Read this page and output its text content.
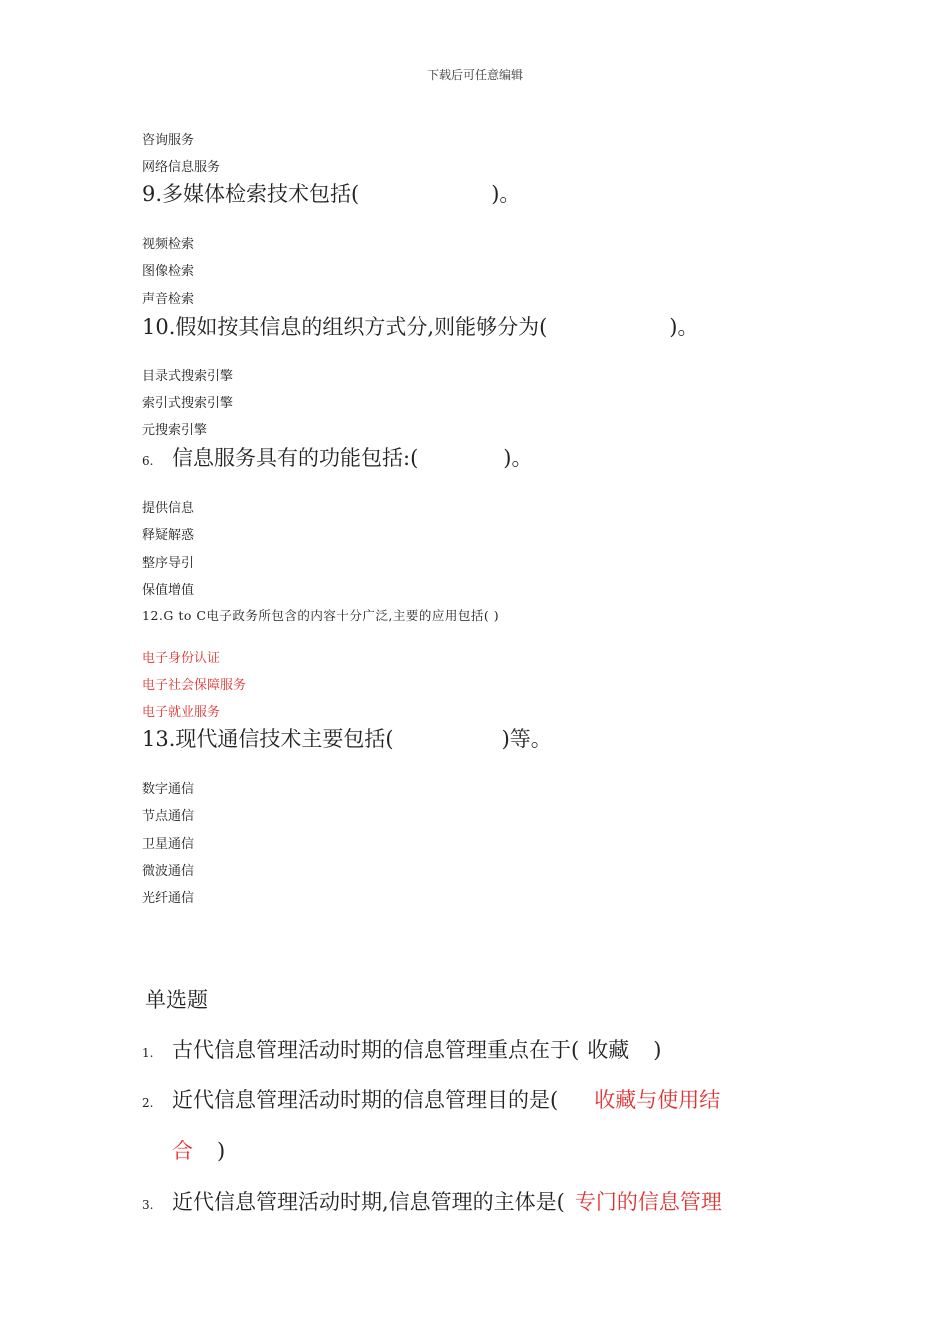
下载后可任意编辑
咨询服务
网络信息服务
9.多媒体检索技术包括(	)。
视频检索
图像检索
声音检索
10.假如按其信息的组织方式分,则能够分为(	)。
目录式搜索引擎
索引式搜索引擎
元搜索引擎
6. 信息服务具有的功能包括:(	)。
提供信息
释疑解惑
整序导引
保值增值
12.G to C电子政务所包含的内容十分广泛,主要的应用包括( )
电子身份认证
电子社会保障服务
电子就业服务
13.现代通信技术主要包括(	)等。
数字通信
节点通信
卫星通信
微波通信
光纤通信
单选题
1. 古代信息管理活动时期的信息管理重点在于( 收藏 )
2. 近代信息管理活动时期的信息管理目的是( 收藏与使用结
合 )
3. 近代信息管理活动时期,信息管理的主体是( 专门的信息管理
